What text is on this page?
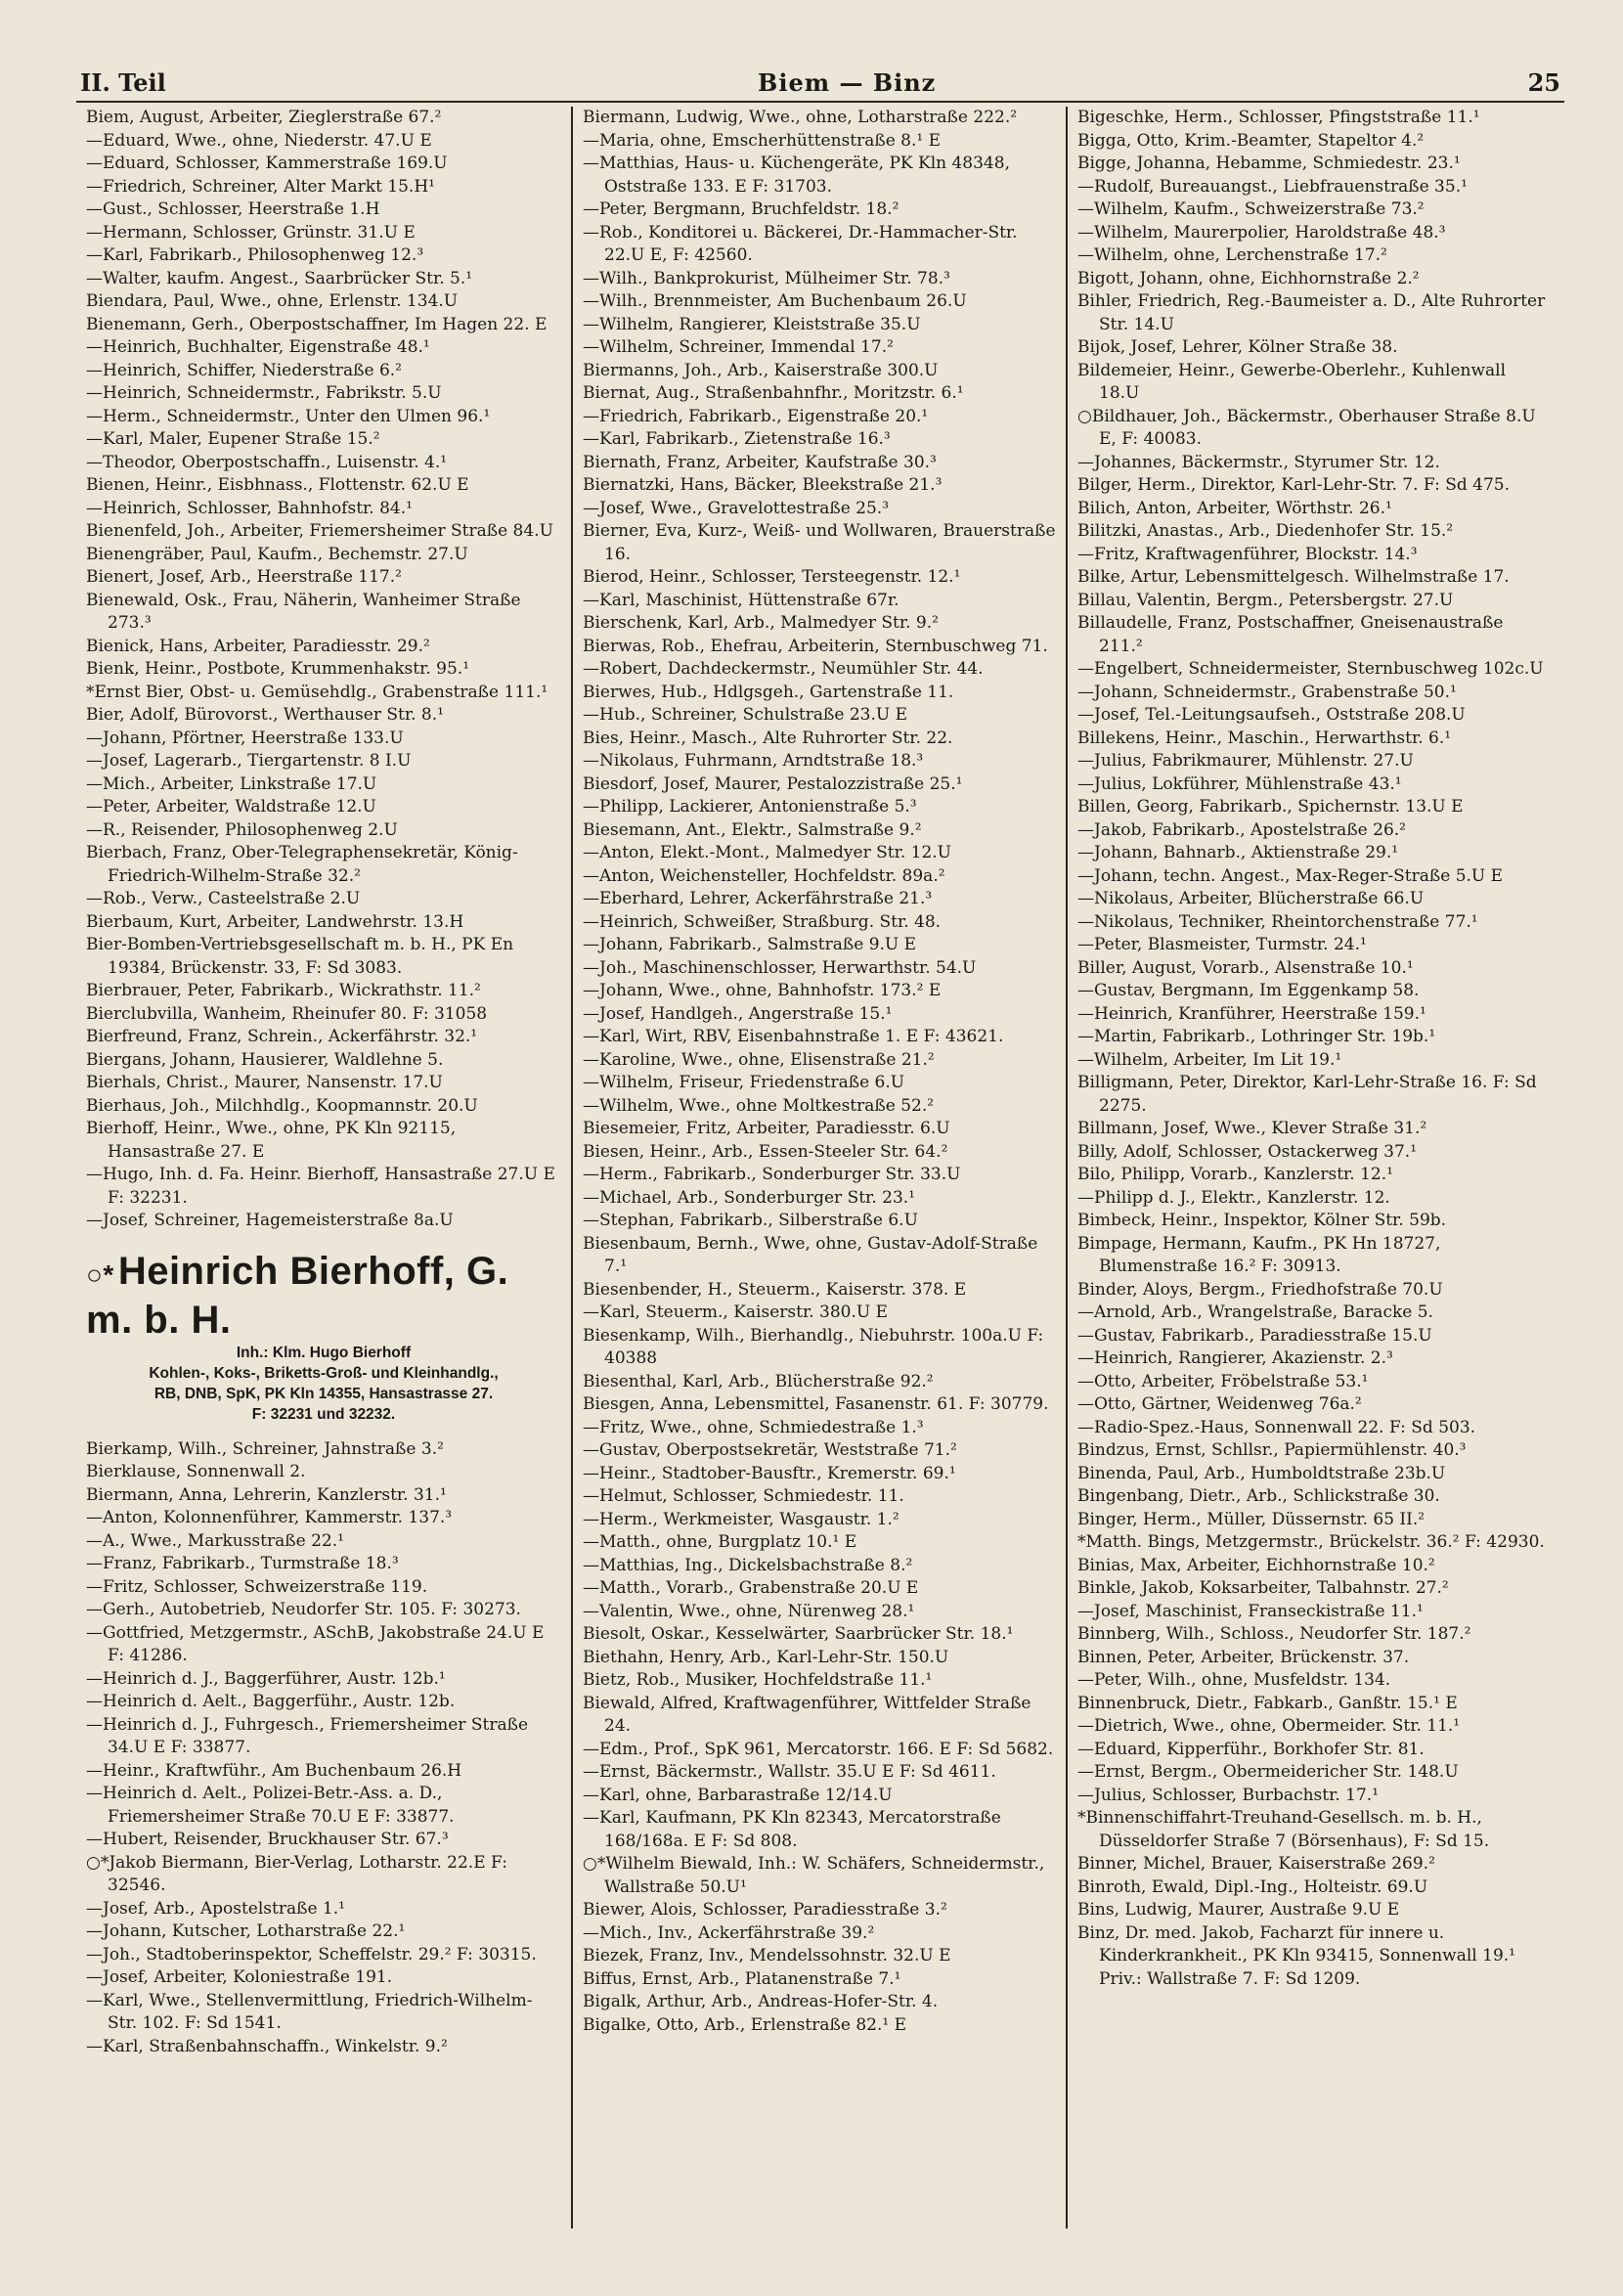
II. Teil	Biem — Binz	25
Biem, August, Arbeiter, Zieglerstraße 67.²
—Eduard, Wwe., ohne, Niederstr. 47.U E
—Eduard, Schlosser, Kammerstraße 169.U
—Friedrich, Schreiner, Alter Markt 15.H¹
—Gust., Schlosser, Heerstraße 1.H
—Hermann, Schlosser, Grünstr. 31.U E
—Karl, Fabrikarb., Philosophenweg 12.³
—Walter, kaufm. Angest., Saarbrücker Str. 5.¹
Biendara, Paul, Wwe., ohne, Erlenstr. 134.U
Bienemann, Gerh., Oberpostschaffner, Im Hagen 22. E
—Heinrich, Buchhalter, Eigenstraße 48.¹
—Heinrich, Schiffer, Niederstraße 6.²
—Heinrich, Schneidermstr., Fabrikstr. 5.U
—Herm., Schneidermstr., Unter den Ulmen 96.¹
—Karl, Maler, Eupener Straße 15.²
—Theodor, Oberpostschaffn., Luisenstr. 4.¹
Bienen, Heinr., Eisbhnass., Flottenstr. 62.U E
—Heinrich, Schlosser, Bahnhofstr. 84.¹
Bienenfeld, Joh., Arbeiter, Friemersheimer Straße 84.U
Bienengräber, Paul, Kaufm., Bechemstr. 27.U
Bienert, Josef, Arb., Heerstraße 117.²
Bienewald, Osk., Frau, Näherin, Wanheimer Straße 273.³
Bienick, Hans, Arbeiter, Paradiesstr. 29.²
Bienk, Heinr., Postbote, Krummenhakstr. 95.¹
*Ernst Bier, Obst- u. Gemüsehdlg., Grabenstraße 111.¹
Bier, Adolf, Bürovorst., Werthauser Str. 8.¹
—Johann, Pförtner, Heerstraße 133.U
—Josef, Lagerarb., Tiergartenstr. 8 I.U
—Mich., Arbeiter, Linkstraße 17.U
—Peter, Arbeiter, Waldstraße 12.U
—R., Reisender, Philosophenweg 2.U
Bierbach, Franz, Ober-Telegraphensekretär, König-Friedrich-Wilhelm-Straße 32.²
—Rob., Verw., Casteelstraße 2.U
Bierbaum, Kurt, Arbeiter, Landwehrstr. 13.H
Bier-Bomben-Vertriebsgesellschaft m. b. H., PK En 19384, Brückenstr. 33, F: Sd 3083.
Bierbrauer, Peter, Fabrikarb., Wickrathstr. 11.²
Bierclubvilla, Wanheim, Rheinufer 80. F: 31058
Bierfreund, Franz, Schrein., Ackerfährstr. 32.¹
Biergans, Johann, Hausierer, Waldlehne 5.
Bierhals, Christ., Maurer, Nansenstr. 17.U
Bierhaus, Joh., Milchhdlg., Koopmannstr. 20.U
Bierhoff, Heinr., Wwe., ohne, PK Kln 92115, Hansastraße 27. E
—Hugo, Inh. d. Fa. Heinr. Bierhoff, Hansastraße 27.U E F: 32231.
—Josef, Schreiner, Hagemeisterstraße 8a.U
○* Heinrich Bierhoff, G. m. b. H.
Inh.: Klm. Hugo Bierhoff
Kohlen-, Koks-, Briketts-Groß- und Kleinhandlg.,
RB, DNB, SpK, PK Kln 14355, Hansastrasse 27.
F: 32231 und 32232.
Bierkamp, Wilh., Schreiner, Jahnstraße 3.²
Bierklause, Sonnenwall 2.
Biermann, Anna, Lehrerin, Kanzlerstr. 31.¹
—Anton, Kolonnenführer, Kammerstr. 137.³
—A., Wwe., Markusstraße 22.¹
—Franz, Fabrikarb., Turmstraße 18.³
—Fritz, Schlosser, Schweizerstraße 119.
—Gerh., Autobetrieb, Neudorfer Str. 105. F: 30273.
—Gottfried, Metzgermstr., ASchB, Jakobstraße 24.U E F: 41286.
—Heinrich d. J., Baggerführer, Austr. 12b.¹
—Heinrich d. Aelt., Baggerführ., Austr. 12b.
—Heinrich d. J., Fuhrgesch., Friemersheimer Straße 34.U E F: 33877.
—Heinr., Kraftwführ., Am Buchenbaum 26.H
—Heinrich d. Aelt., Polizei-Betr.-Ass. a. D., Friemersheimer Straße 70.U E F: 33877.
—Hubert, Reisender, Bruckhauser Str. 67.³
○*Jakob Biermann, Bier-Verlag, Lotharstr. 22.E F: 32546.
—Josef, Arb., Apostelstraße 1.¹
—Johann, Kutscher, Lotharstraße 22.¹
—Joh., Stadtoberinspektor, Scheffelstr. 29.² F: 30315.
—Josef, Arbeiter, Koloniestraße 191.
—Karl, Wwe., Stellenvermittlung, Friedrich-Wilhelm-Str. 102. F: Sd 1541.
—Karl, Straßenbahnschaffn., Winkelstr. 9.²
Biermann, Ludwig, Wwe., ohne, Lotharstraße 222.²
—Maria, ohne, Emscherhüttenstraße 8.¹ E
—Matthias, Haus- u. Küchengeräte, PK Kln 48348, Oststraße 133. E F: 31703.
—Peter, Bergmann, Bruchfeldstr. 18.²
—Rob., Konditorei u. Bäckerei, Dr.-Hammacher-Str. 22.U E, F: 42560.
—Wilh., Bankprokurist, Mülheimer Str. 78.³
—Wilh., Brennmeister, Am Buchenbaum 26.U
—Wilhelm, Rangierer, Kleiststraße 35.U
—Wilhelm, Schreiner, Immendal 17.²
Biermanns, Joh., Arb., Kaiserstraße 300.U
Biernat, Aug., Straßenbahnfhr., Moritzstr. 6.¹
—Friedrich, Fabrikarb., Eigenstraße 20.¹
—Karl, Fabrikarb., Zietenstraße 16.³
Biernath, Franz, Arbeiter, Kaufstraße 30.³
Biernatzki, Hans, Bäcker, Bleekstraße 21.³
—Josef, Wwe., Gravelottestraße 25.³
Bierner, Eva, Kurz-, Weiß- und Wollwaren, Brauerstraße 16.
Bierod, Heinr., Schlosser, Tersteegenstr. 12.¹
—Karl, Maschinist, Hüttenstraße 67r.
Bierschenk, Karl, Arb., Malmedyer Str. 9.²
Bierwas, Rob., Ehefrau, Arbeiterin, Sternbuschweg 71.
—Robert, Dachdeckermstr., Neumühler Str. 44.
Bierwes, Hub., Hdlgsgeh., Gartenstraße 11.
—Hub., Schreiner, Schulstraße 23.U E
Bies, Heinr., Masch., Alte Ruhrorter Str. 22.
—Nikolaus, Fuhrmann, Arndtstraße 18.³
Biesdorf, Josef, Maurer, Pestalozzistraße 25.¹
—Philipp, Lackierer, Antonienstraße 5.³
Biesemann, Ant., Elektr., Salmstraße 9.²
—Anton, Elekt.-Mont., Malmedyer Str. 12.U
—Anton, Weichensteller, Hochfeldstr. 89a.²
—Eberhard, Lehrer, Ackerfährstraße 21.³
—Heinrich, Schweißer, Straßburg. Str. 48.
—Johann, Fabrikarb., Salmstraße 9.U E
—Joh., Maschinenschlosser, Herwarthstr. 54.U
—Johann, Wwe., ohne, Bahnhofstr. 173.² E
—Josef, Handlgeh., Angerstraße 15.¹
—Karl, Wirt, RBV, Eisenbahnstraße 1. E F: 43621.
—Karoline, Wwe., ohne, Elisenstraße 21.²
—Wilhelm, Friseur, Friedenstraße 6.U
—Wilhelm, Wwe., ohne Moltkestraße 52.²
Biesemeier, Fritz, Arbeiter, Paradiesstr. 6.U
Biesen, Heinr., Arb., Essen-Steeler Str. 64.²
—Herm., Fabrikarb., Sonderburger Str. 33.U
—Michael, Arb., Sonderburger Str. 23.¹
—Stephan, Fabrikarb., Silberstraße 6.U
Biesenbaum, Bernh., Wwe, ohne, Gustav-Adolf-Straße 7.¹
Biesenbender, H., Steuerm., Kaiserstr. 378. E
—Karl, Steuerm., Kaiserstr. 380.U E
Biesenkamp, Wilh., Bierhandlg., Niebuhrstr. 100a.U F: 40388
Biesenthal, Karl, Arb., Blücherstraße 92.²
Biesgen, Anna, Lebensmittel, Fasanenstr. 61. F: 30779.
—Fritz, Wwe., ohne, Schmiedestraße 1.³
—Gustav, Oberpostsekretär, Weststraße 71.²
—Heinr., Stadtober-Bausftr., Kremerstr. 69.¹
—Helmut, Schlosser, Schmiedestr. 11.
—Herm., Werkmeister, Wasgaustr. 1.²
—Matth., ohne, Burgplatz 10.¹ E
—Matthias, Ing., Dickelsbachstraße 8.²
—Matth., Vorarb., Grabenstraße 20.U E
—Valentin, Wwe., ohne, Nürenweg 28.¹
Biesolt, Oskar., Kesselwärter, Saarbrücker Str. 18.¹
Biethahn, Henry, Arb., Karl-Lehr-Str. 150.U
Bietz, Rob., Musiker, Hochfeldstraße 11.¹
Biewald, Alfred, Kraftwagenführer, Wittfelder Straße 24.
—Edm., Prof., SpK 961, Mercatorstr. 166. E F: Sd 5682.
—Ernst, Bäckermstr., Wallstr. 35.U E F: Sd 4611.
—Karl, ohne, Barbarastraße 12/14.U
—Karl, Kaufmann, PK Kln 82343, Mercatorstraße 168/168a. E F: Sd 808.
○*Wilhelm Biewald, Inh.: W. Schäfers, Schneidermstr., Wallstraße 50.U¹
Biewer, Alois, Schlosser, Paradiesstraße 3.²
—Mich., Inv., Ackerfährstraße 39.²
Biezek, Franz, Inv., Mendelssohnstr. 32.U E
Biffus, Ernst, Arb., Platanenstraße 7.¹
Bigalk, Arthur, Arb., Andreas-Hofer-Str. 4.
Bigalke, Otto, Arb., Erlenstraße 82.¹ E
Bigeschke, Herm., Schlosser, Pfingststraße 11.¹
Bigga, Otto, Krim.-Beamter, Stapeltor 4.²
Bigge, Johanna, Hebamme, Schmiedestr. 23.¹
—Rudolf, Bureauangst., Liebfrauenstraße 35.¹
—Wilhelm, Kaufm., Schweizerstraße 73.²
—Wilhelm, Maurerpolier, Haroldstraße 48.³
—Wilhelm, ohne, Lerchenstraße 17.²
Bigott, Johann, ohne, Eichhornstraße 2.²
Bihler, Friedrich, Reg.-Baumeister a. D., Alte Ruhrorter Str. 14.U
Bijok, Josef, Lehrer, Kölner Straße 38.
Bildemeier, Heinr., Gewerbe-Oberlehr., Kuhlenwall 18.U
○Bildhauer, Joh., Bäckermstr., Oberhauser Straße 8.U E, F: 40083.
—Johannes, Bäckermstr., Styrumer Str. 12.
Bilger, Herm., Direktor, Karl-Lehr-Str. 7. F: Sd 475.
Bilich, Anton, Arbeiter, Wörthstr. 26.¹
Bilitzki, Anastas., Arb., Diedenhofer Str. 15.²
—Fritz, Kraftwagenführer, Blockstr. 14.³
Bilke, Artur, Lebensmittelgesch. Wilhelmstraße 17.
Billau, Valentin, Bergm., Petersbergstr. 27.U
Billaudelle, Franz, Postschaffner, Gneisenaustraße 211.²
—Engelbert, Schneidermeister, Sternbuschweg 102c.U
—Johann, Schneidermstr., Grabenstraße 50.¹
—Josef, Tel.-Leitungsaufseh., Oststraße 208.U
Billekens, Heinr., Maschin., Herwarthstr. 6.¹
—Julius, Fabrikmaurer, Mühlenstr. 27.U
—Julius, Lokführer, Mühlenstraße 43.¹
Billen, Georg, Fabrikarb., Spichernstr. 13.U E
—Jakob, Fabrikarb., Apostelstraße 26.²
—Johann, Bahnarb., Aktienstraße 29.¹
—Johann, techn. Angest., Max-Reger-Straße 5.U E
—Nikolaus, Arbeiter, Blücherstraße 66.U
—Nikolaus, Techniker, Rheintorchenstraße 77.¹
—Peter, Blasmeister, Turmstr. 24.¹
Biller, August, Vorarb., Alsenstraße 10.¹
—Gustav, Bergmann, Im Eggenkamp 58.
—Heinrich, Kranführer, Heerstraße 159.¹
—Martin, Fabrikarb., Lothringer Str. 19b.¹
—Wilhelm, Arbeiter, Im Lit 19.¹
Billigmann, Peter, Direktor, Karl-Lehr-Straße 16. F: Sd 2275.
Billmann, Josef, Wwe., Klever Straße 31.²
Billy, Adolf, Schlosser, Ostackerweg 37.¹
Bilo, Philipp, Vorarb., Kanzlerstr. 12.¹
—Philipp d. J., Elektr., Kanzlerstr. 12.
Bimbeck, Heinr., Inspektor, Kölner Str. 59b.
Bimpage, Hermann, Kaufm., PK Hn 18727, Blumenstraße 16.² F: 30913.
Binder, Aloys, Bergm., Friedhofstraße 70.U
—Arnold, Arb., Wrangelstraße, Baracke 5.
—Gustav, Fabrikarb., Paradiesstraße 15.U
—Heinrich, Rangierer, Akazienstr. 2.³
—Otto, Arbeiter, Fröbelstraße 53.¹
—Otto, Gärtner, Weidenweg 76a.²
—Radio-Spez.-Haus, Sonnenwall 22. F: Sd 503.
Bindzus, Ernst, Schllsr., Papiermühlenstr. 40.³
Binenda, Paul, Arb., Humboldtstraße 23b.U
Bingenbang, Dietr., Arb., Schlickstraße 30.
Binger, Herm., Müller, Düssernstr. 65 II.²
*Matth. Bings, Metzgermstr., Brückelstr. 36.² F: 42930.
Binias, Max, Arbeiter, Eichhornstraße 10.²
Binkle, Jakob, Koksarbeiter, Talbahnstr. 27.²
—Josef, Maschinist, Franseckistraße 11.¹
Binnberg, Wilh., Schloss., Neudorfer Str. 187.²
Binnen, Peter, Arbeiter, Brückenstr. 37.
—Peter, Wilh., ohne, Musfeldstr. 134.
Binnenbruck, Dietr., Fabkarb., Ganßtr. 15.¹ E
—Dietrich, Wwe., ohne, Obermeider. Str. 11.¹
—Eduard, Kipperführ., Borkhofer Str. 81.
—Ernst, Bergm., Obermeidericher Str. 148.U
—Julius, Schlosser, Burbachstr. 17.¹
*Binnenschiffahrt-Treuhand-Gesellsch. m. b. H., Düsseldorfer Straße 7 (Börsenhaus), F: Sd 15.
Binner, Michel, Brauer, Kaiserstraße 269.²
Binroth, Ewald, Dipl.-Ing., Holteistr. 69.U
Bins, Ludwig, Maurer, Austraße 9.U E
Binz, Dr. med. Jakob, Facharzt für innere u. Kinderkrankheit., PK Kln 93415, Sonnenwall 19.¹ Priv.: Wallstraße 7. F: Sd 1209.
